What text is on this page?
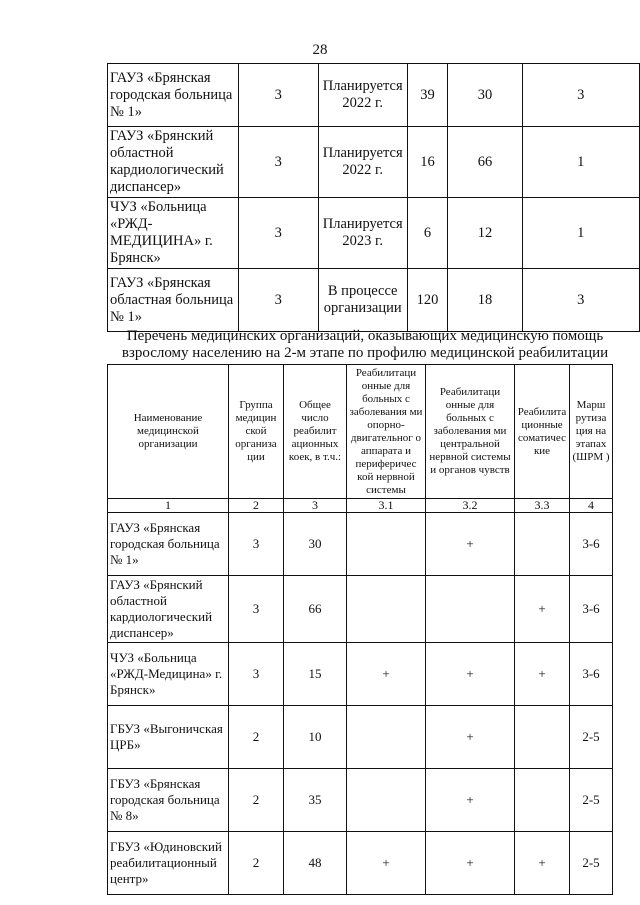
28
ГАУЗ «Брянская городская больница № 1»	3	Планируется 2022 г.	39	30	3
ГАУЗ «Брянский областной кардиологический диспансер»	3	Планируется 2022 г.	16	66	1
ЧУЗ «Больница «РЖД-МЕДИЦИНА» г. Брянск»	3	Планируется 2023 г.	6	12	1
ГАУЗ «Брянская областная больница № 1»	3	В процессе организации	120	18	3
Перечень медицинских организаций, оказывающих медицинскую помощь взрослому населению на 2-м этапе по профилю медицинской реабилитации
Наименование медицинской организации	Группа медицин ской организа ции	Общее число реабилит ационных коек, в т.ч.:	Реабилитаци онные для больных с заболевания ми опорно-двигательног о аппарата и периферичес кой нервной системы	Реабилитаци онные для больных с заболевания ми центральной нервной системы и органов чувств	Реабилита ционные соматичес кие	Марш рутиза ция на этапах (ШРМ )
1	2	3	3.1	3.2	3.3	4
ГАУЗ «Брянская городская больница № 1»	3	30		+		3-6
ГАУЗ «Брянский областной кардиологический диспансер»	3	66			+	3-6
ЧУЗ «Больница «РЖД-Медицина» г. Брянск»	3	15	+	+	+	3-6
ГБУЗ «Выгоничская ЦРБ»	2	10		+		2-5
ГБУЗ «Брянская городская больница № 8»	2	35		+		2-5
ГБУЗ «Юдиновский реабилитационный центр»	2	48	+	+	+	2-5
